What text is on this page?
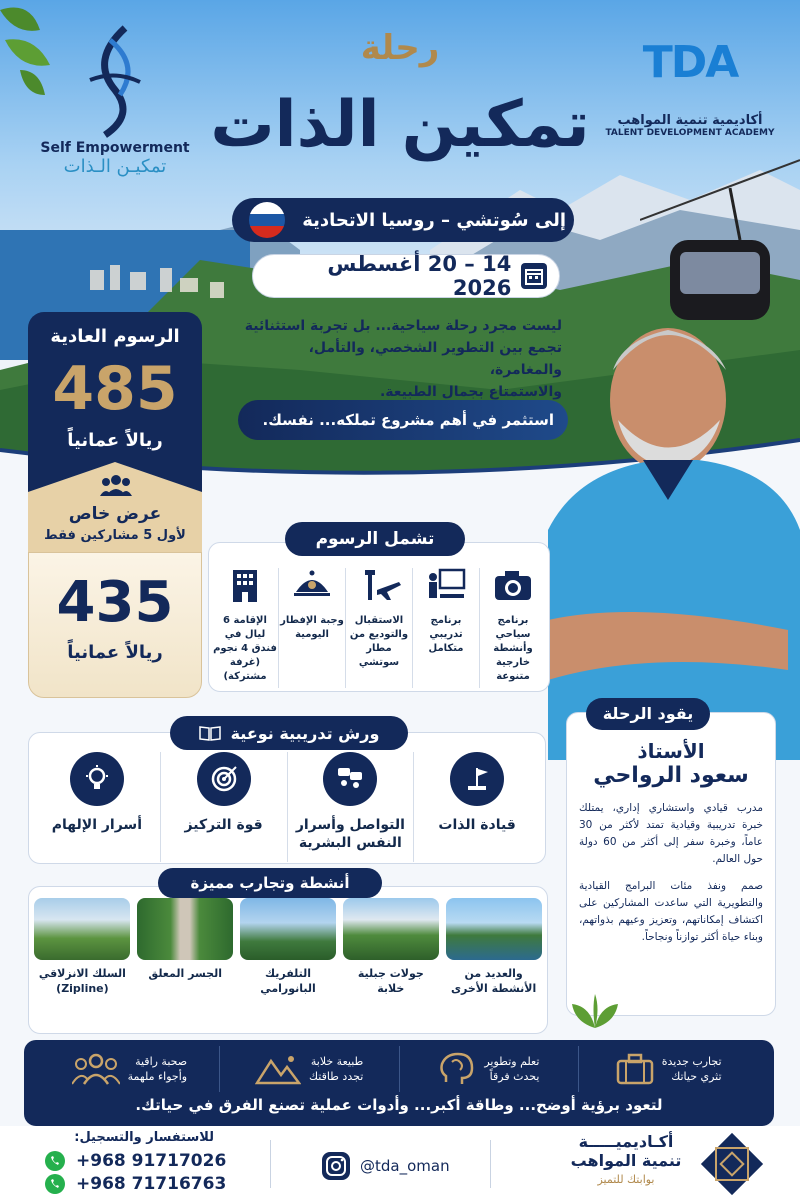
Self Empowerment
تمكيـن الـذات
TDA
أكاديمية تنمية المواهب
TALENT DEVELOPMENT ACADEMY
رحلة
تمكين الذات
إلى سُوتشي – روسيا الاتحادية
14 – 20 أغسطس 2026
ليست مجرد رحلة سياحية... بل تجربة استثنائية
تجمع بين التطوير الشخصي، والتأمل، والمغامرة،
والاستمتاع بجمال الطبيعة.
استثمر في أهم مشروع تملكه... نفسك.
الرسوم العادية
485
ريالاً عمانياً
عرض خاص
لأول 5 مشاركين فقط
435
ريالاً عمانياً
تشمل الرسوم
برنامج سياحي وأنشطة خارجية متنوعة
برنامج تدريبي متكامل
الاستقبال والتوديع من مطار سوتشي
وجبة الإفطار اليومية
الإقامة 6 ليال في فندق 4 نجوم (غرفة مشتركة)
ورش تدريبية نوعية
قيادة الذات
التواصل وأسرار النفس البشرية
قوة التركيز
أسرار الإلهام
الأستاذ
سعود الرواحي
مدرب قيادي واستشاري إداري، يمتلك خبرة تدريبية وقيادية تمتد لأكثر من 30 عاماً، وخبرة سفر إلى أكثر من 60 دولة حول العالم.
صمم ونفذ مئات البرامج القيادية والتطويرية التي ساعدت المشاركين على اكتشاف إمكاناتهم، وتعزيز وعيهم بذواتهم، وبناء حياة أكثر توازناً ونجاحاً.
يقود الرحلة
أنشطة وتجارب مميزة
والعديد من الأنشطة الأخرى
جولات جبلية خلابة
التلفريك البانورامي
الجسر المعلق
السلك الانزلاقي (Zipline)
تجارب جديدة
تثري حياتك
تعلم وتطوير
يحدث فرقاً
طبيعة خلابة
تجدد طاقتك
صحبة راقية
وأجواء ملهمة
لتعود برؤية أوضح... وطاقة أكبر... وأدوات عملية تصنع الفرق في حياتك.
للاستفسار والتسجيل:
+968 91717026
+968 71716763
@tda_oman
أكـاديميـــــة
تنمية المواهب
بوابتك للتميز
